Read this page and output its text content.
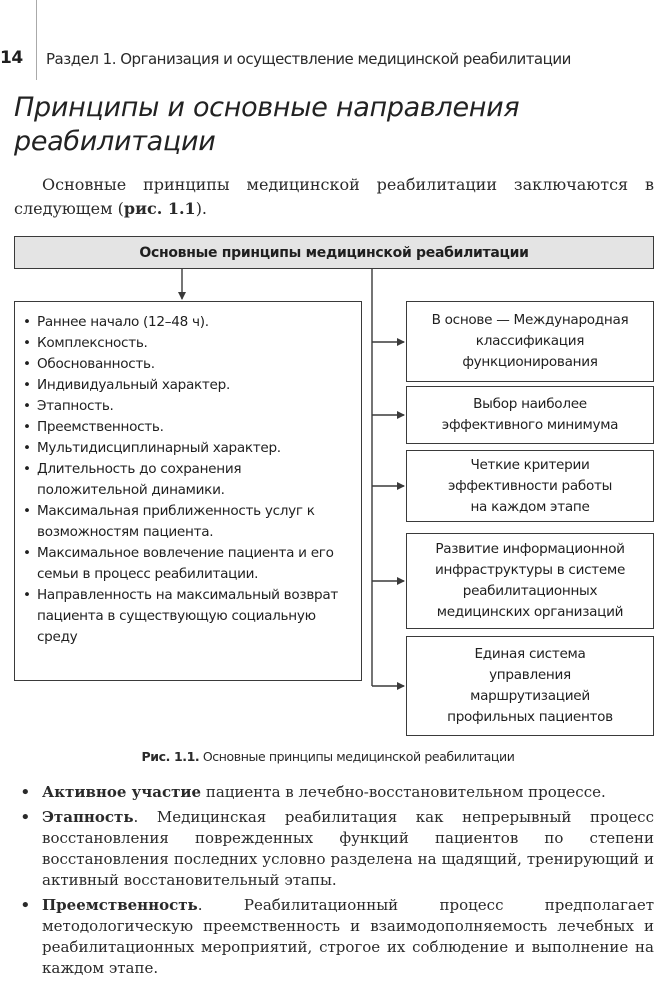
14 Раздел 1. Организация и осуществление медицинской реабилитации
Принципы и основные направления
реабилитации

Основные принципы медицинской реабилитации заключаются в следующем (рис. 1.1).

Основные принципы медицинской реабилитации
• Раннее начало (12–48 ч).
• Комплексность.
• Обоснованность.
• Индивидуальный характер.
• Этапность.
• Преемственность.
• Мультидисциплинарный характер.
• Длительность до сохранения положительной динамики.
• Максимальная приближенность услуг к возможностям пациента.
• Максимальное вовлечение пациента и его семьи в процесс реабилитации.
• Направленность на максимальный возврат пациента в существующую социальную среду
В основе — Международная
классификация
функционирования
Выбор наиболее
эффективного минимума
Четкие критерии
эффективности работы
на каждом этапе
Развитие информационной
инфраструктуры в системе
реабилитационных
медицинских организаций
Единая система
управления
маршрутизацией
профильных пациентов
Рис. 1.1. Основные принципы медицинской реабилитации
• Активное участие пациента в лечебно-восстановительном процессе.
• Этапность. Медицинская реабилитация как непрерывный процесс восстановления поврежденных функций пациентов по степени восстановления последних условно разделена на щадящий, тренирующий и активный восстановительный этапы.
• Преемственность. Реабилитационный процесс предполагает методологическую преемственность и взаимодополняемость лечебных и реабилитационных мероприятий, строгое их соблюдение и выполнение на каждом этапе.
